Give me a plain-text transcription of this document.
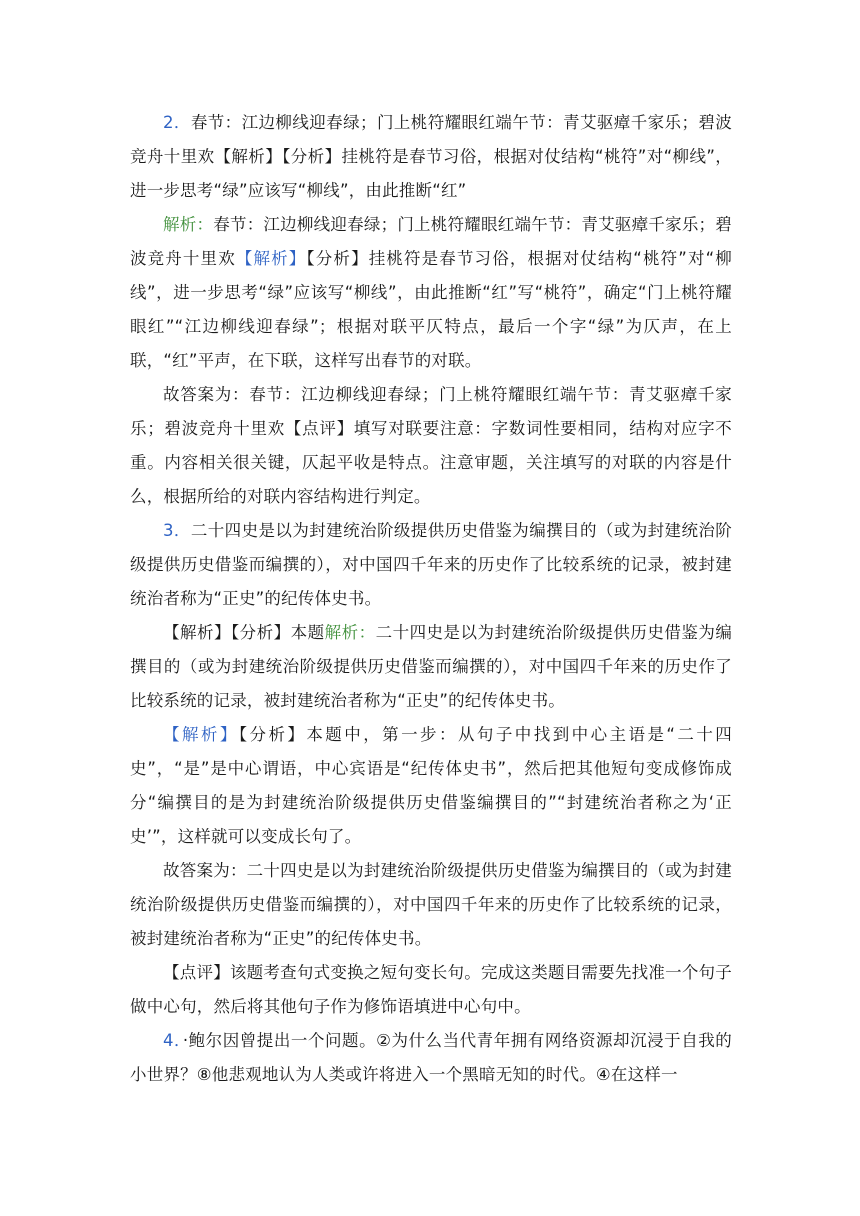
2．春节：江边柳线迎春绿；门上桃符耀眼红端午节：青艾驱瘴千家乐；碧波竞舟十里欢【解析】【分析】挂桃符是春节习俗，根据对仗结构“桃符”对“柳线”，进一步思考“绿”应该写“柳线”，由此推断“红”

解析：春节：江边柳线迎春绿；门上桃符耀眼红端午节：青艾驱瘴千家乐；碧波竞舟十里欢【解析】【分析】挂桃符是春节习俗，根据对仗结构“桃符”对“柳线”，进一步思考“绿”应该写“柳线”，由此推断“红”写“桃符”，确定“门上桃符耀眼红”“江边柳线迎春绿”；根据对联平仄特点，最后一个字“绿”为仄声，在上联，“红”平声，在下联，这样写出春节的对联。

故答案为：春节：江边柳线迎春绿；门上桃符耀眼红端午节：青艾驱瘴千家乐；碧波竞舟十里欢【点评】填写对联要注意：字数词性要相同，结构对应字不重。内容相关很关键，仄起平收是特点。注意审题，关注填写的对联的内容是什么，根据所给的对联内容结构进行判定。

3．二十四史是以为封建统治阶级提供历史借鉴为编撰目的（或为封建统治阶级提供历史借鉴而编撰的），对中国四千年来的历史作了比较系统的记录，被封建统治者称为“正史”的纪传体史书。

【解析】【分析】本题解析：二十四史是以为封建统治阶级提供历史借鉴为编撰目的（或为封建统治阶级提供历史借鉴而编撰的），对中国四千年来的历史作了比较系统的记录，被封建统治者称为“正史”的纪传体史书。

【解析】【分析】本题中，第一步：从句子中找到中心主语是“二十四史”，“是”是中心谓语，中心宾语是“纪传体史书”，然后把其他短句变成修饰成分“编撰目的是为封建统治阶级提供历史借鉴编撰目的”“封建统治者称之为‘正史’”，这样就可以变成长句了。

故答案为：二十四史是以为封建统治阶级提供历史借鉴为编撰目的（或为封建统治阶级提供历史借鉴而编撰的），对中国四千年来的历史作了比较系统的记录，被封建统治者称为“正史”的纪传体史书。

【点评】该题考查句式变换之短句变长句。完成这类题目需要先找准一个句子做中心句，然后将其他句子作为修饰语填进中心句中。

4．·鲍尔因曾提出一个问题。②为什么当代青年拥有网络资源却沉浸于自我的小世界？⑧他悲观地认为人类或许将进入一个黑暗无知的时代。④在这样一
